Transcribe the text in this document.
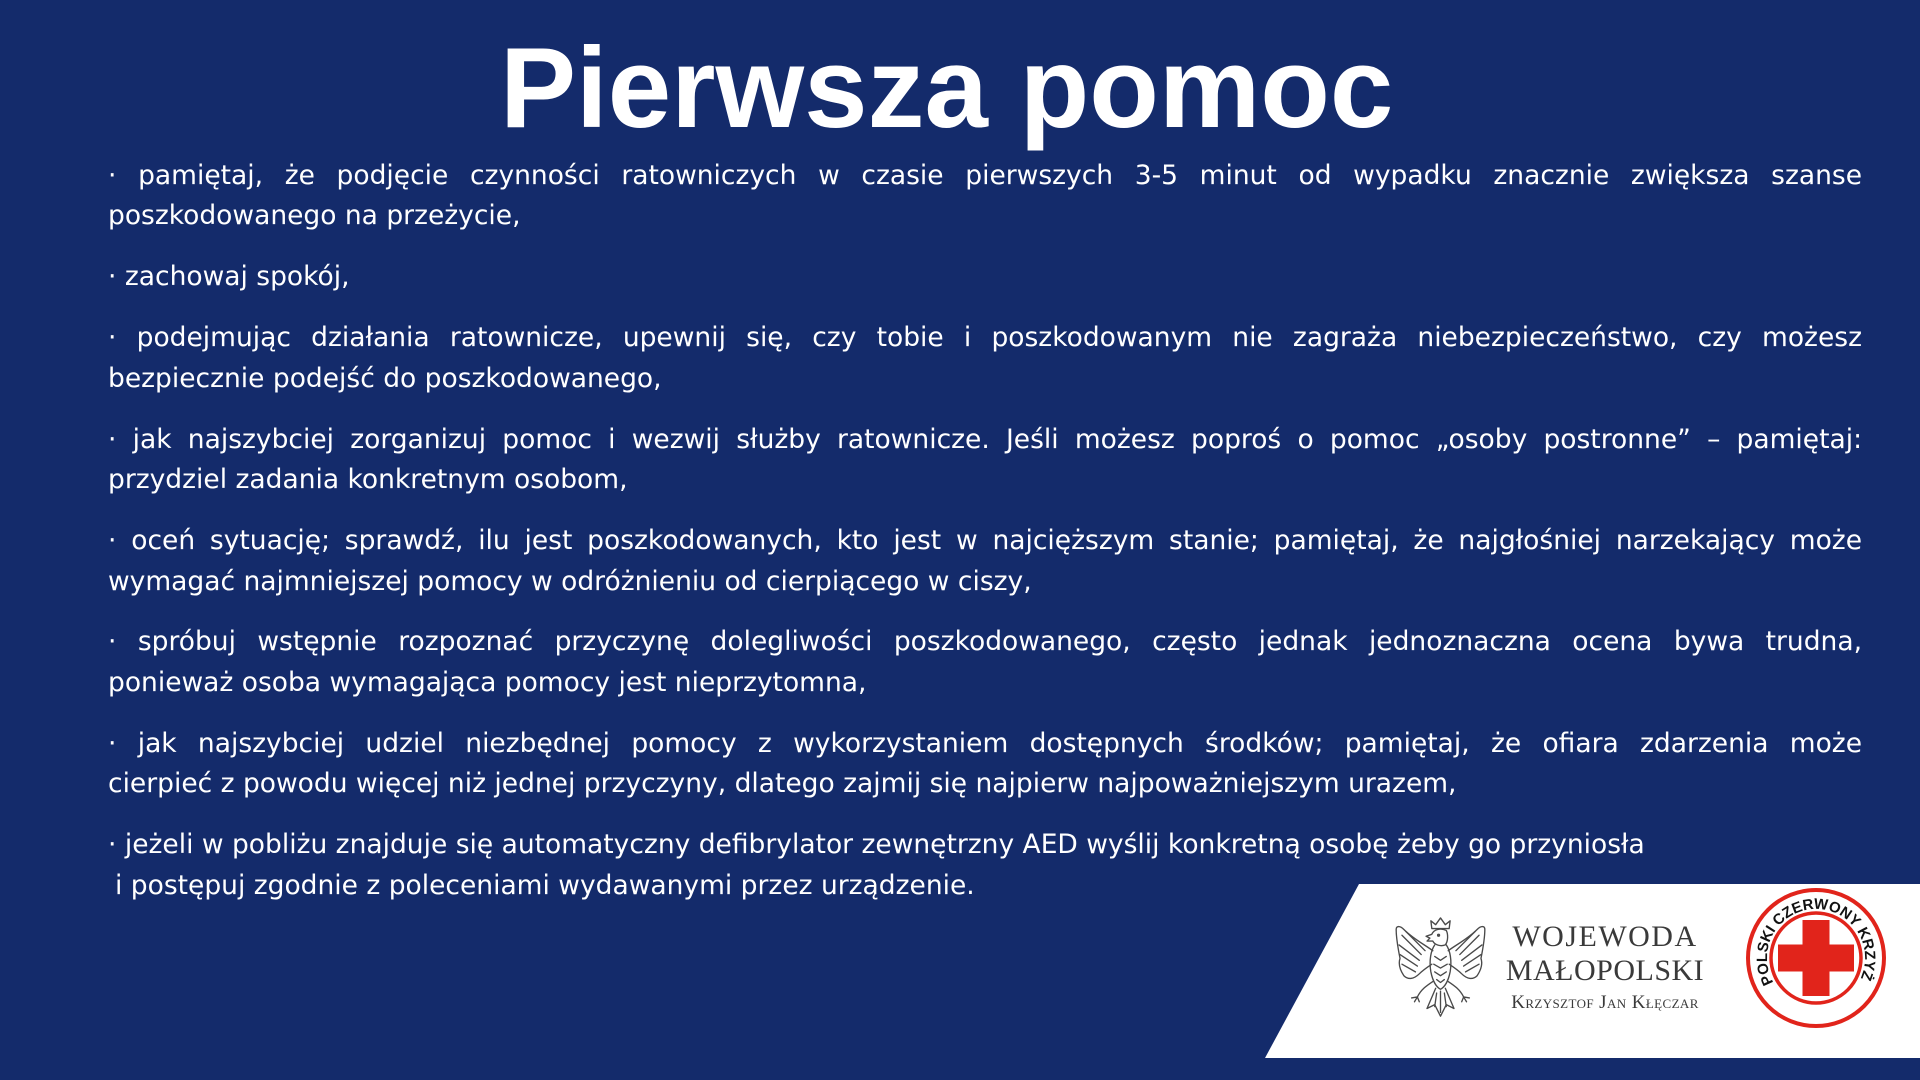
Pierwsza pomoc
· pamiętaj, że podjęcie czynności ratowniczych w czasie pierwszych 3-5 minut od wypadku znacznie zwiększa szanse
poszkodowanego na przeżycie,
· zachowaj spokój,
· podejmując działania ratownicze, upewnij się, czy tobie i poszkodowanym nie zagraża niebezpieczeństwo, czy możesz
bezpiecznie podejść do poszkodowanego,
· jak najszybciej zorganizuj pomoc i wezwij służby ratownicze. Jeśli możesz poproś o pomoc „osoby postronne” – pamiętaj:
przydziel zadania konkretnym osobom,
· oceń sytuację; sprawdź, ilu jest poszkodowanych, kto jest w najcięższym stanie; pamiętaj, że najgłośniej narzekający może
wymagać najmniejszej pomocy w odróżnieniu od cierpiącego w ciszy,
· spróbuj wstępnie rozpoznać przyczynę dolegliwości poszkodowanego, często jednak jednoznaczna ocena bywa trudna,
ponieważ osoba wymagająca pomocy jest nieprzytomna,
· jak najszybciej udziel niezbędnej pomocy z wykorzystaniem dostępnych środków; pamiętaj, że ofiara zdarzenia może
cierpieć z powodu więcej niż jednej przyczyny, dlatego zajmij się najpierw najpoważniejszym urazem,
· jeżeli w pobliżu znajduje się automatyczny defibrylator zewnętrzny AED wyślij konkretną osobę żeby go przyniosła
i postępuj zgodnie z poleceniami wydawanymi przez urządzenie.
WOJEWODA
MAŁOPOLSKI
Krzysztof Jan Kłęczar
POLSKI CZERWONY KRZYŻ
